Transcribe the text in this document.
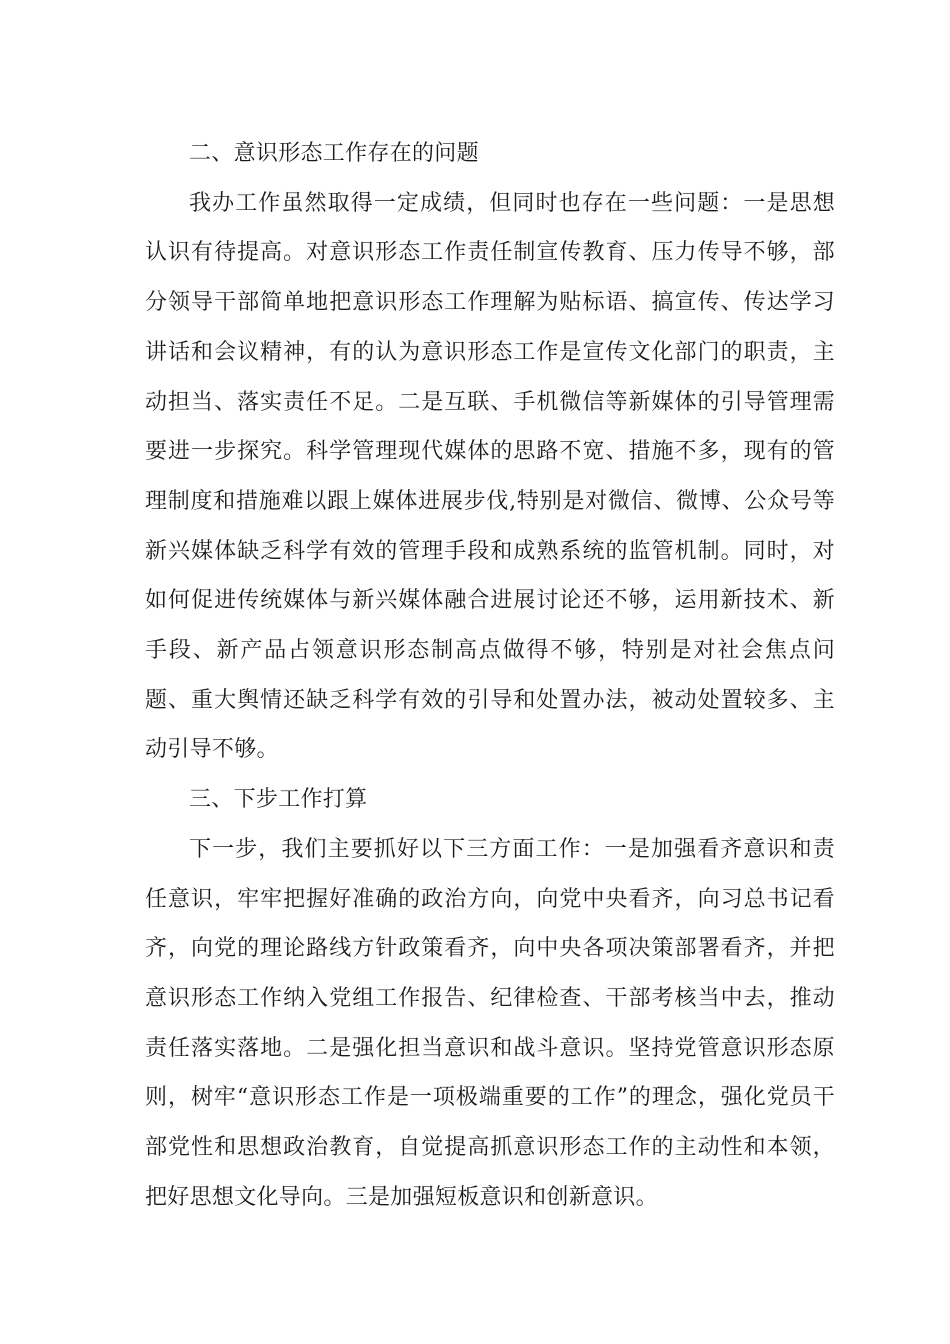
二、意识形态工作存在的问题

我办工作虽然取得一定成绩，但同时也存在一些问题：一是思想认识有待提高。对意识形态工作责任制宣传教育、压力传导不够，部分领导干部简单地把意识形态工作理解为贴标语、搞宣传、传达学习讲话和会议精神，有的认为意识形态工作是宣传文化部门的职责，主动担当、落实责任不足。二是互联、手机微信等新媒体的引导管理需要进一步探究。科学管理现代媒体的思路不宽、措施不多，现有的管理制度和措施难以跟上媒体进展步伐,特别是对微信、微博、公众号等新兴媒体缺乏科学有效的管理手段和成熟系统的监管机制。同时，对如何促进传统媒体与新兴媒体融合进展讨论还不够，运用新技术、新手段、新产品占领意识形态制高点做得不够，特别是对社会焦点问题、重大舆情还缺乏科学有效的引导和处置办法，被动处置较多、主动引导不够。

三、下步工作打算

下一步，我们主要抓好以下三方面工作：一是加强看齐意识和责任意识，牢牢把握好准确的政治方向，向党中央看齐，向习总书记看齐，向党的理论路线方针政策看齐，向中央各项决策部署看齐，并把意识形态工作纳入党组工作报告、纪律检查、干部考核当中去，推动责任落实落地。二是强化担当意识和战斗意识。坚持党管意识形态原则，树牢“意识形态工作是一项极端重要的工作”的理念，强化党员干部党性和思想政治教育，自觉提高抓意识形态工作的主动性和本领，把好思想文化导向。三是加强短板意识和创新意识。
